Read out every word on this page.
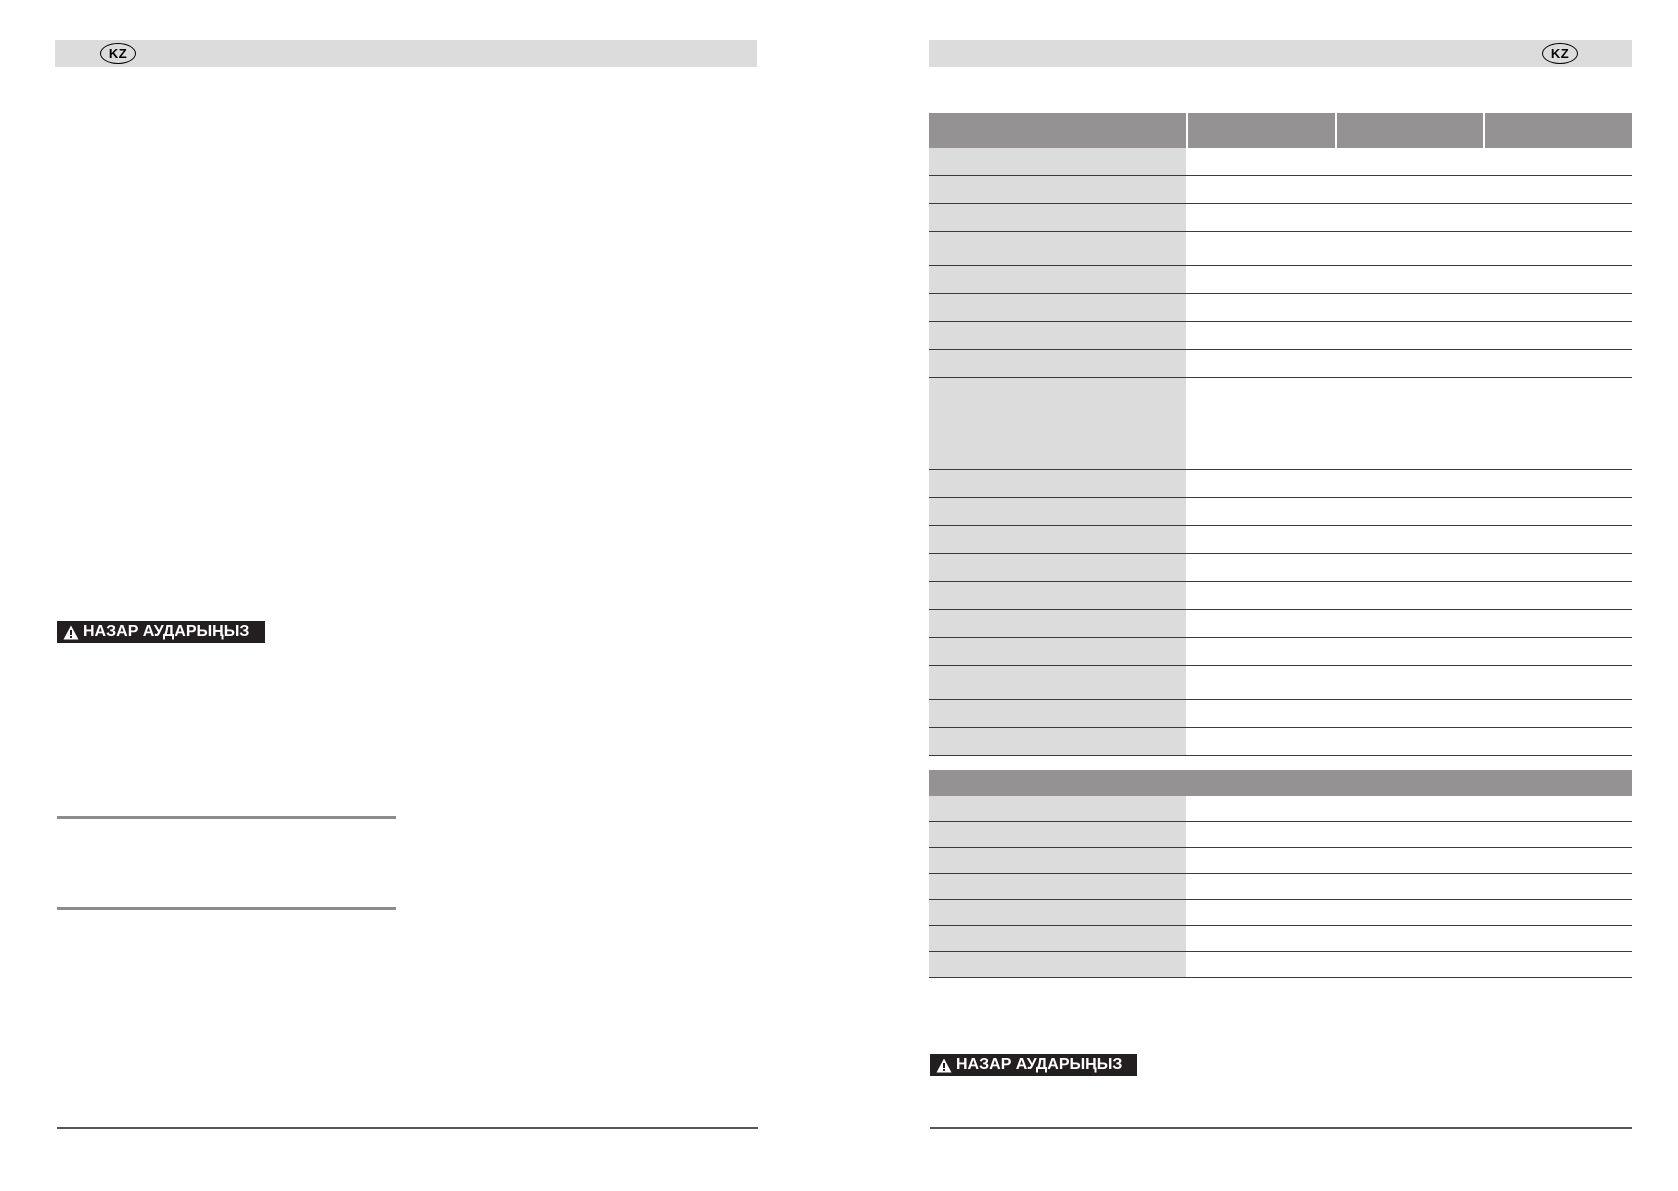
KZ
НАЗАР АУДАРЫҢЫЗ
KZ
НАЗАР АУДАРЫҢЫЗ
